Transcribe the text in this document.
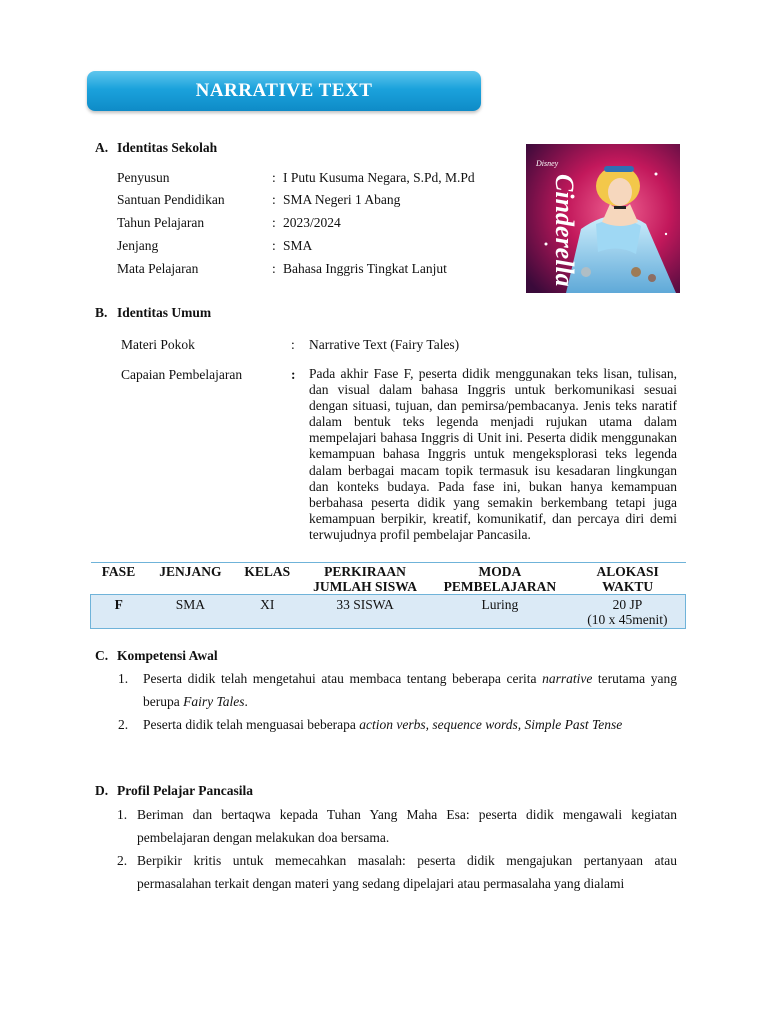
NARRATIVE TEXT
A. Identitas Sekolah
Penyusun	: I Putu Kusuma Negara, S.Pd, M.Pd
Santuan Pendidikan	: SMA Negeri 1 Abang
Tahun Pelajaran	: 2023/2024
Jenjang	: SMA
Mata Pelajaran	: Bahasa Inggris Tingkat Lanjut
Disney
Cinderella
B. Identitas Umum
Materi Pokok	: Narrative Text (Fairy Tales)
Capaian Pembelajaran	: Pada akhir Fase F, peserta didik menggunakan teks lisan, tulisan, dan visual dalam bahasa Inggris untuk berkomunikasi sesuai dengan situasi, tujuan, dan pemirsa/pembacanya. Jenis teks naratif dalam bentuk teks legenda menjadi rujukan utama dalam mempelajari bahasa Inggris di Unit ini. Peserta didik menggunakan kemampuan bahasa Inggris untuk mengeksplorasi teks legenda dalam berbagai macam topik termasuk isu kesadaran lingkungan dan konteks budaya. Pada fase ini, bukan hanya kemampuan berbahasa peserta didik yang semakin berkembang tetapi juga kemampuan berpikir, kreatif, komunikatif, dan percaya diri demi terwujudnya profil pembelajar Pancasila.
FASE	JENJANG	KELAS	PERKIRAAN JUMLAH SISWA	MODA PEMBELAJARAN	ALOKASI WAKTU
F	SMA	XI	33 SISWA	Luring	20 JP
(10 x 45menit)
C. Kompetensi Awal
1. Peserta didik telah mengetahui atau membaca tentang beberapa cerita narrative terutama yang berupa Fairy Tales.
2. Peserta didik telah menguasai beberapa action verbs, sequence words, Simple Past Tense
D. Profil Pelajar Pancasila
1. Beriman dan bertaqwa kepada Tuhan Yang Maha Esa: peserta didik mengawali kegiatan pembelajaran dengan melakukan doa bersama.
2. Berpikir kritis untuk memecahkan masalah: peserta didik mengajukan pertanyaan atau permasalahan terkait dengan materi yang sedang dipelajari atau permasalaha yang dialami
